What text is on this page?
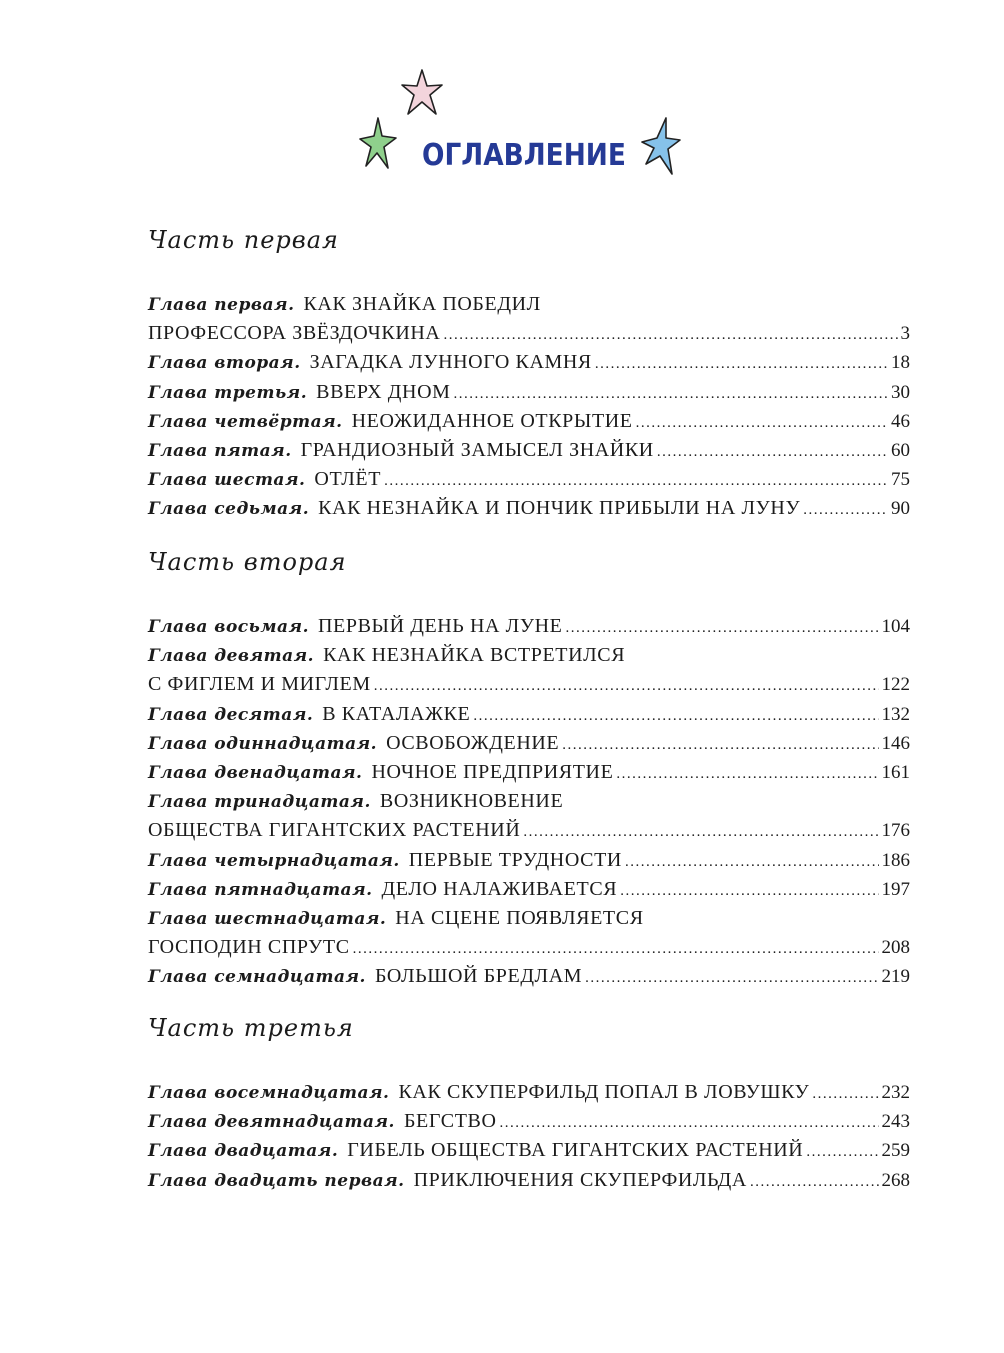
ОГЛАВЛЕНИЕ
Часть первая
Глава первая. КАК ЗНАЙКА ПОБЕДИЛ
ПРОФЕССОРА ЗВЁЗДОЧКИНА .....	3
Глава вторая. ЗАГАДКА ЛУННОГО КАМНЯ .....	18
Глава третья. ВВЕРХ ДНОМ .....	30
Глава четвёртая. НЕОЖИДАННОЕ ОТКРЫТИЕ .....	46
Глава пятая. ГРАНДИОЗНЫЙ ЗАМЫСЕЛ ЗНАЙКИ .....	60
Глава шестая. ОТЛЁТ .....	75
Глава седьмая. КАК НЕЗНАЙКА И ПОНЧИК ПРИБЫЛИ НА ЛУНУ .....	90
Часть вторая
Глава восьмая. ПЕРВЫЙ ДЕНЬ НА ЛУНЕ .....	104
Глава девятая. КАК НЕЗНАЙКА ВСТРЕТИЛСЯ
С ФИГЛЕМ И МИГЛЕМ .....	122
Глава десятая. В КАТАЛАЖКЕ .....	132
Глава одиннадцатая. ОСВОБОЖДЕНИЕ .....	146
Глава двенадцатая. НОЧНОЕ ПРЕДПРИЯТИЕ .....	161
Глава тринадцатая. ВОЗНИКНОВЕНИЕ
ОБЩЕСТВА ГИГАНТСКИХ РАСТЕНИЙ .....	176
Глава четырнадцатая. ПЕРВЫЕ ТРУДНОСТИ .....	186
Глава пятнадцатая. ДЕЛО НАЛАЖИВАЕТСЯ .....	197
Глава шестнадцатая. НА СЦЕНЕ ПОЯВЛЯЕТСЯ
ГОСПОДИН СПРУТС .....	208
Глава семнадцатая. БОЛЬШОЙ БРЕДЛАМ .....	219
Часть третья
Глава восемнадцатая. КАК СКУПЕРФИЛЬД ПОПАЛ В ЛОВУШКУ .....	232
Глава девятнадцатая. БЕГСТВО .....	243
Глава двадцатая. ГИБЕЛЬ ОБЩЕСТВА ГИГАНТСКИХ РАСТЕНИЙ .....	259
Глава двадцать первая. ПРИКЛЮЧЕНИЯ СКУПЕРФИЛЬДА .....	268
